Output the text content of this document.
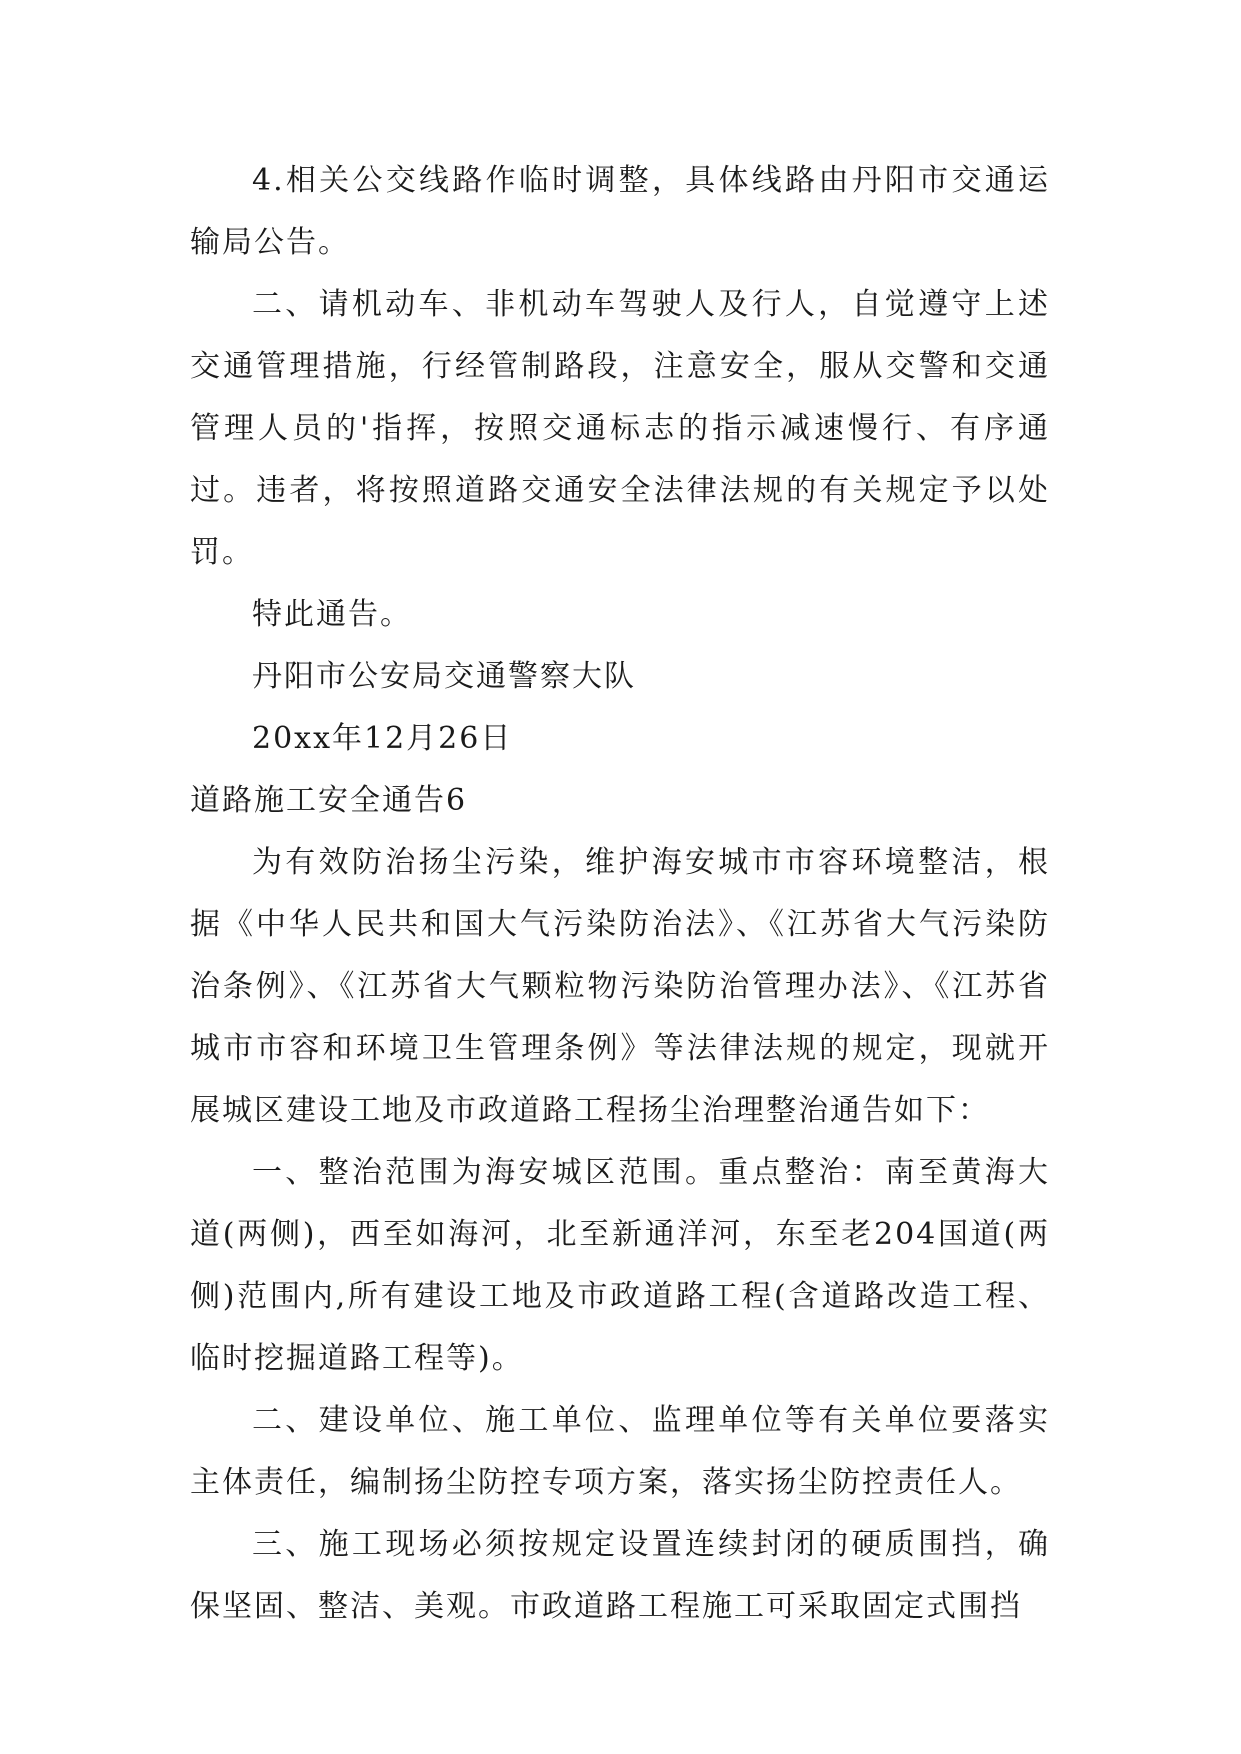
4.相关公交线路作临时调整，具体线路由丹阳市交通运输局公告。

二、请机动车、非机动车驾驶人及行人，自觉遵守上述交通管理措施，行经管制路段，注意安全，服从交警和交通管理人员的'指挥，按照交通标志的指示减速慢行、有序通过。违者，将按照道路交通安全法律法规的有关规定予以处罚。

特此通告。

丹阳市公安局交通警察大队

20xx年12月26日

道路施工安全通告6

为有效防治扬尘污染，维护海安城市市容环境整洁，根据《中华人民共和国大气污染防治法》、《江苏省大气污染防治条例》、《江苏省大气颗粒物污染防治管理办法》、《江苏省城市市容和环境卫生管理条例》等法律法规的规定，现就开展城区建设工地及市政道路工程扬尘治理整治通告如下：

一、整治范围为海安城区范围。重点整治：南至黄海大道(两侧)，西至如海河，北至新通洋河，东至老204国道(两侧)范围内,所有建设工地及市政道路工程(含道路改造工程、临时挖掘道路工程等)。

二、建设单位、施工单位、监理单位等有关单位要落实主体责任，编制扬尘防控专项方案，落实扬尘防控责任人。

三、施工现场必须按规定设置连续封闭的硬质围挡，确保坚固、整洁、美观。市政道路工程施工可采取固定式围挡
